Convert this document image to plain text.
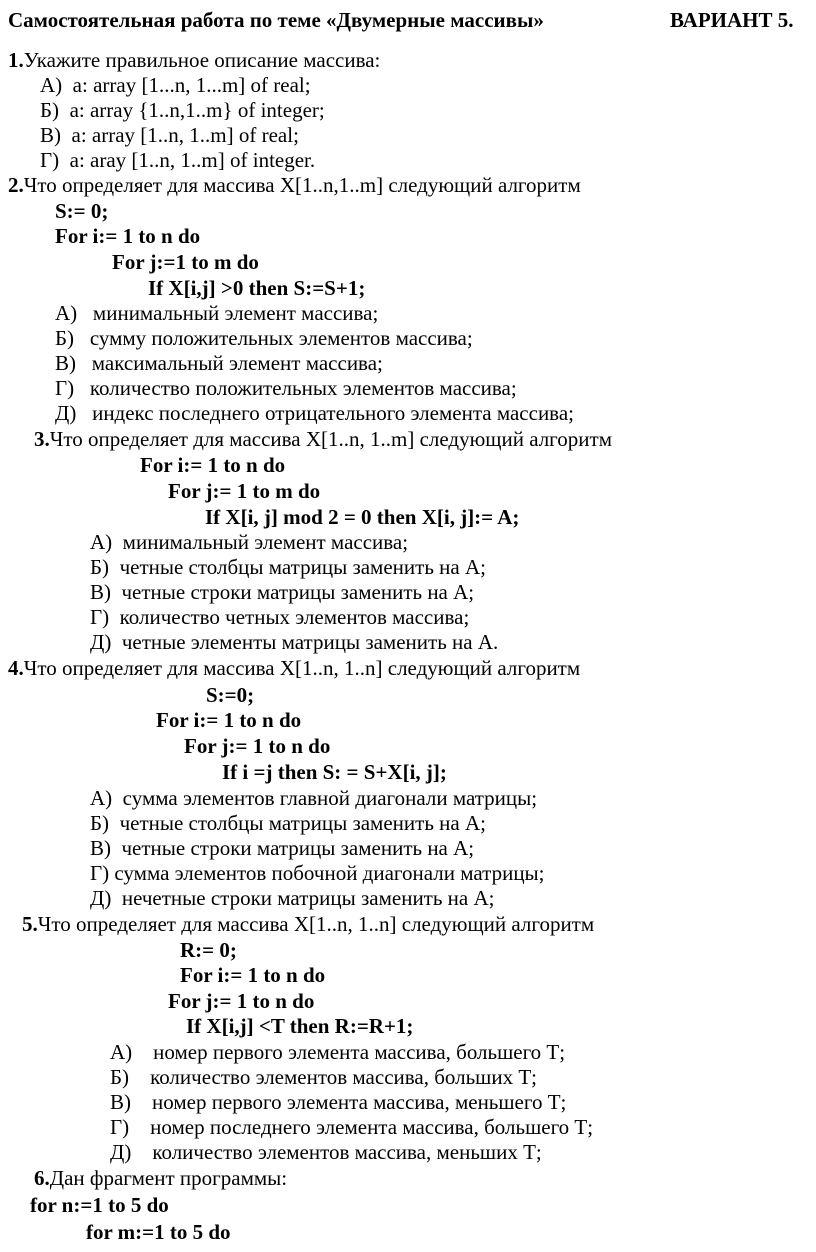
Самостоятельная работа по теме «Двумерные массивы»	ВАРИАНТ 5.
1.Укажите правильное описание массива:
А) a: array [1...n, 1...m] of real;
Б) a: array {1..n,1..m} of integer;
В) a: array [1..n, 1..m] of real;
Г) a: aray [1..n, 1..m] of integer.
2.Что определяет для массива X[1..n,1..m] следующий алгоритм
S:= 0;
For i:= 1 to n do
For j:=1 to m do
If X[i,j] >0 then S:=S+1;
А) минимальный элемент массива;
Б) сумму положительных элементов массива;
В) максимальный элемент массива;
Г) количество положительных элементов массива;
Д) индекс последнего отрицательного элемента массива;
3.Что определяет для массива X[1..n, 1..m] следующий алгоритм
For i:= 1 to n do
For j:= 1 to m do
If X[i, j] mod 2 = 0 then X[i, j]:= A;
А) минимальный элемент массива;
Б) четные столбцы матрицы заменить на А;
В) четные строки матрицы заменить на А;
Г) количество четных элементов массива;
Д) четные элементы матрицы заменить на А.
4.Что определяет для массива X[1..n, 1..n] следующий алгоритм
S:=0;
For i:= 1 to n do
For j:= 1 to n do
If i =j then S: = S+X[i, j];
А) сумма элементов главной диагонали матрицы;
Б) четные столбцы матрицы заменить на А;
В) четные строки матрицы заменить на А;
Г) сумма элементов побочной диагонали матрицы;
Д) нечетные строки матрицы заменить на А;
5.Что определяет для массива X[1..n, 1..n] следующий алгоритм
R:= 0;
For i:= 1 to n do
For j:= 1 to n do
If X[i,j] <T then R:=R+1;
А) номер первого элемента массива, большего Т;
Б) количество элементов массива, больших Т;
В) номер первого элемента массива, меньшего Т;
Г) номер последнего элемента массива, большего Т;
Д) количество элементов массива, меньших Т;
6.Дан фрагмент программы:
for n:=1 to 5 do
for m:=1 to 5 do
